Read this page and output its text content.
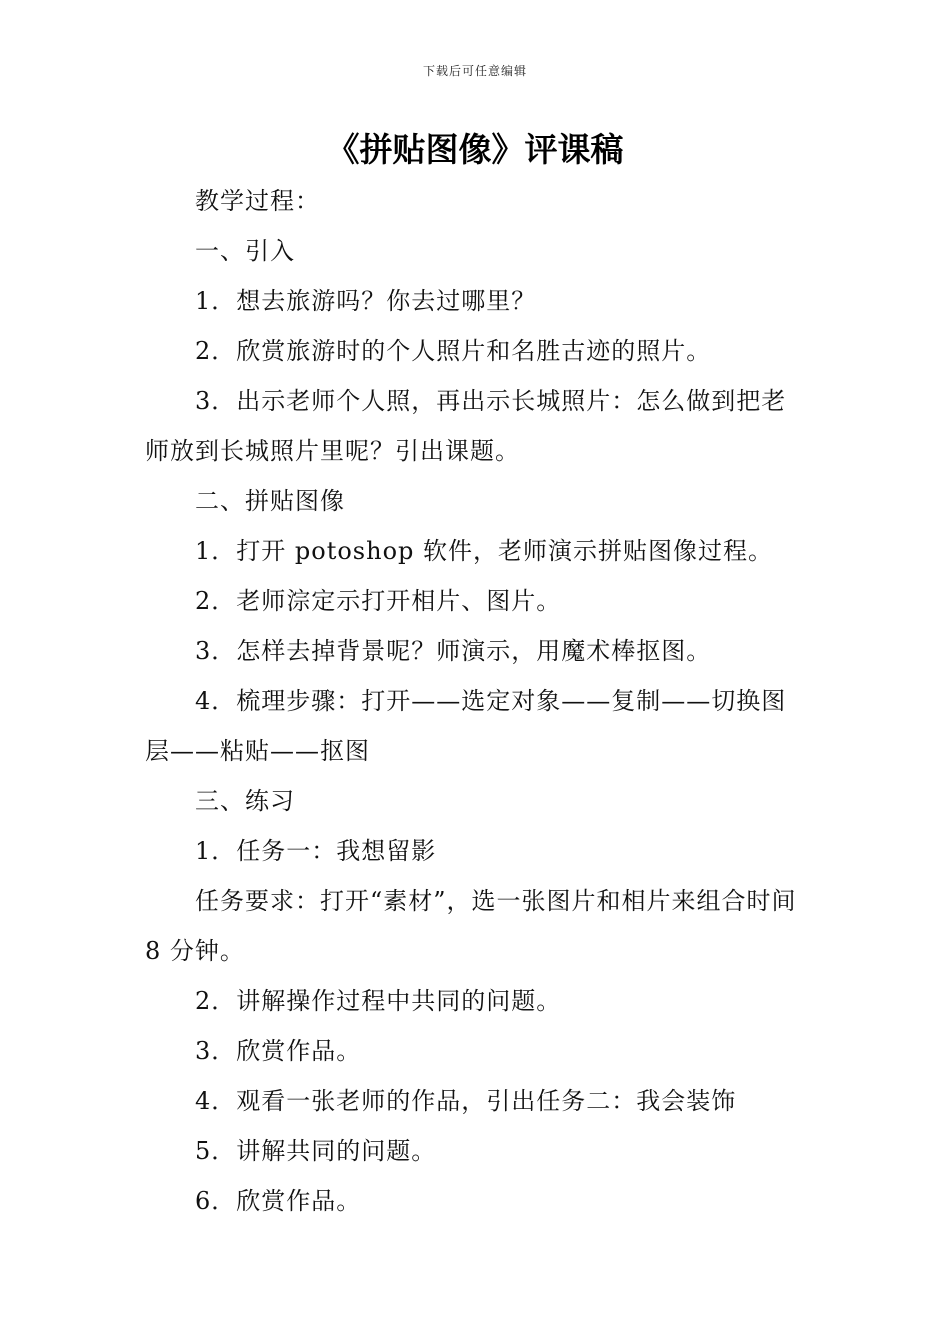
下载后可任意编辑
《拼贴图像》评课稿

教学过程：

一、引入

1．想去旅游吗？你去过哪里？

2．欣赏旅游时的个人照片和名胜古迹的照片。

3．出示老师个人照，再出示长城照片：怎么做到把老师放到长城照片里呢？引出课题。

二、拼贴图像

1．打开 potoshop 软件，老师演示拼贴图像过程。

2．老师淙定示打开相片、图片。

3．怎样去掉背景呢？师演示，用魔术棒抠图。

4．梳理步骤：打开——选定对象——复制——切换图层——粘贴——抠图

三、练习

1．任务一：我想留影

任务要求：打开“素材”，选一张图片和相片来组合时间 8 分钟。

2．讲解操作过程中共同的问题。

3．欣赏作品。

4．观看一张老师的作品，引出任务二：我会装饰

5．讲解共同的问题。

6．欣赏作品。
